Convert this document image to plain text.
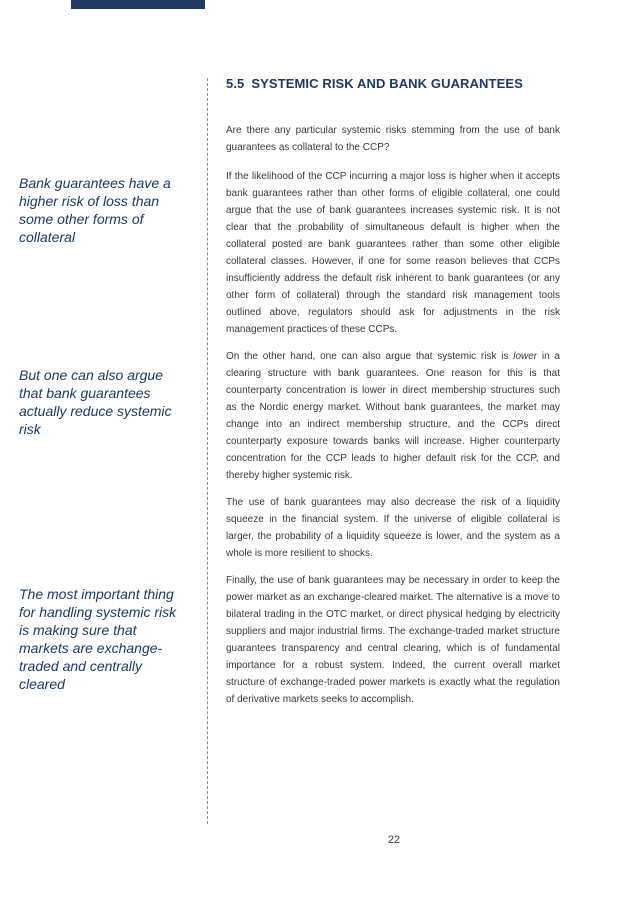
Bank guarantees have a higher risk of loss than some other forms of collateral
But one can also argue that bank guarantees actually reduce systemic risk
The most important thing for handling systemic risk is making sure that markets are exchange-traded and centrally cleared
5.5 SYSTEMIC RISK AND BANK GUARANTEES

Are there any particular systemic risks stemming from the use of bank guarantees as collateral to the CCP?

If the likelihood of the CCP incurring a major loss is higher when it accepts bank guarantees rather than other forms of eligible collateral, one could argue that the use of bank guarantees increases systemic risk. It is not clear that the probability of simultaneous default is higher when the collateral posted are bank guarantees rather than some other eligible collateral classes. However, if one for some reason believes that CCPs insufficiently address the default risk inherent to bank guarantees (or any other form of collateral) through the standard risk management tools outlined above, regulators should ask for adjustments in the risk management practices of these CCPs.

On the other hand, one can also argue that systemic risk is lower in a clearing structure with bank guarantees. One reason for this is that counterparty concentration is lower in direct membership structures such as the Nordic energy market. Without bank guarantees, the market may change into an indirect membership structure, and the CCPs direct counterparty exposure towards banks will increase. Higher counterparty concentration for the CCP leads to higher default risk for the CCP, and thereby higher systemic risk.

The use of bank guarantees may also decrease the risk of a liquidity squeeze in the financial system. If the universe of eligible collateral is larger, the probability of a liquidity squeeze is lower, and the system as a whole is more resilient to shocks.

Finally, the use of bank guarantees may be necessary in order to keep the power market as an exchange-cleared market. The alternative is a move to bilateral trading in the OTC market, or direct physical hedging by electricity suppliers and major industrial firms. The exchange-traded market structure guarantees transparency and central clearing, which is of fundamental importance for a robust system. Indeed, the current overall market structure of exchange-traded power markets is exactly what the regulation of derivative markets seeks to accomplish.

22
